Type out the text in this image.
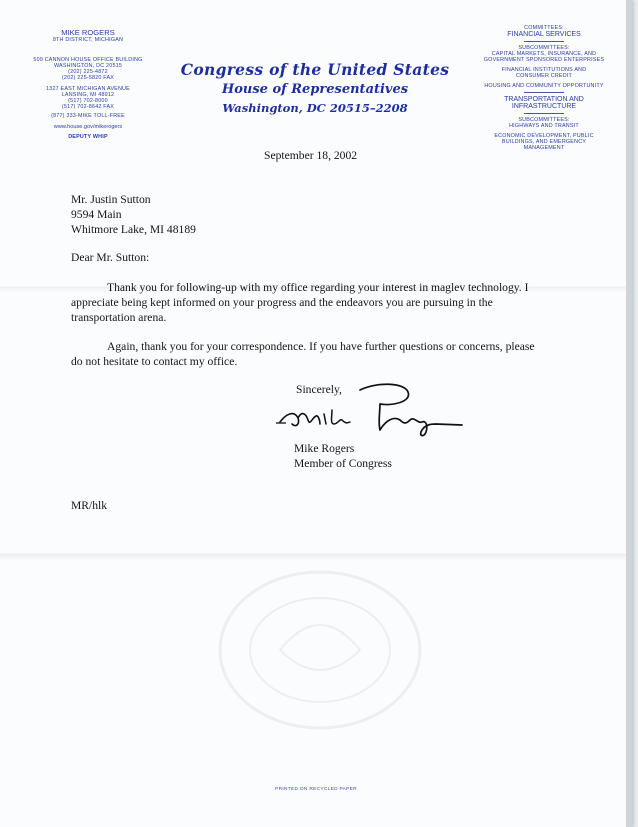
MIKE ROGERS
8TH DISTRICT, MICHIGAN
509 CANNON HOUSE OFFICE BUILDING
WASHINGTON, DC 20515
(202) 225-4872
(202) 225-5820 FAX
1327 EAST MICHIGAN AVENUE
LANSING, MI 48912
(517) 702-8000
(517) 702-8642 FAX
(877) 333-MIKE TOLL-FREE
www.house.gov/mikerogers
DEPUTY WHIP
Congress of the United States
House of Representatives
Washington, DC 20515–2208
COMMITTEES:
FINANCIAL SERVICES
SUBCOMMITTEES:
CAPITAL MARKETS, INSURANCE, AND
GOVERNMENT SPONSORED ENTERPRISES
FINANCIAL INSTITUTIONS AND
CONSUMER CREDIT
HOUSING AND COMMUNITY OPPORTUNITY
TRANSPORTATION AND
INFRASTRUCTURE
SUBCOMMITTEES:
HIGHWAYS AND TRANSIT
ECONOMIC DEVELOPMENT, PUBLIC
BUILDINGS, AND EMERGENCY
MANAGEMENT
September 18, 2002
Mr. Justin Sutton
9594 Main
Whitmore Lake, MI 48189
Dear Mr. Sutton:
Thank you for following-up with my office regarding your interest in maglev technology. I appreciate being kept informed on your progress and the endeavors you are pursuing in the transportation arena.
Again, thank you for your correspondence. If you have further questions or concerns, please do not hesitate to contact my office.
Sincerely,
Mike Rogers
Member of Congress
MR/hlk
PRINTED ON RECYCLED PAPER
